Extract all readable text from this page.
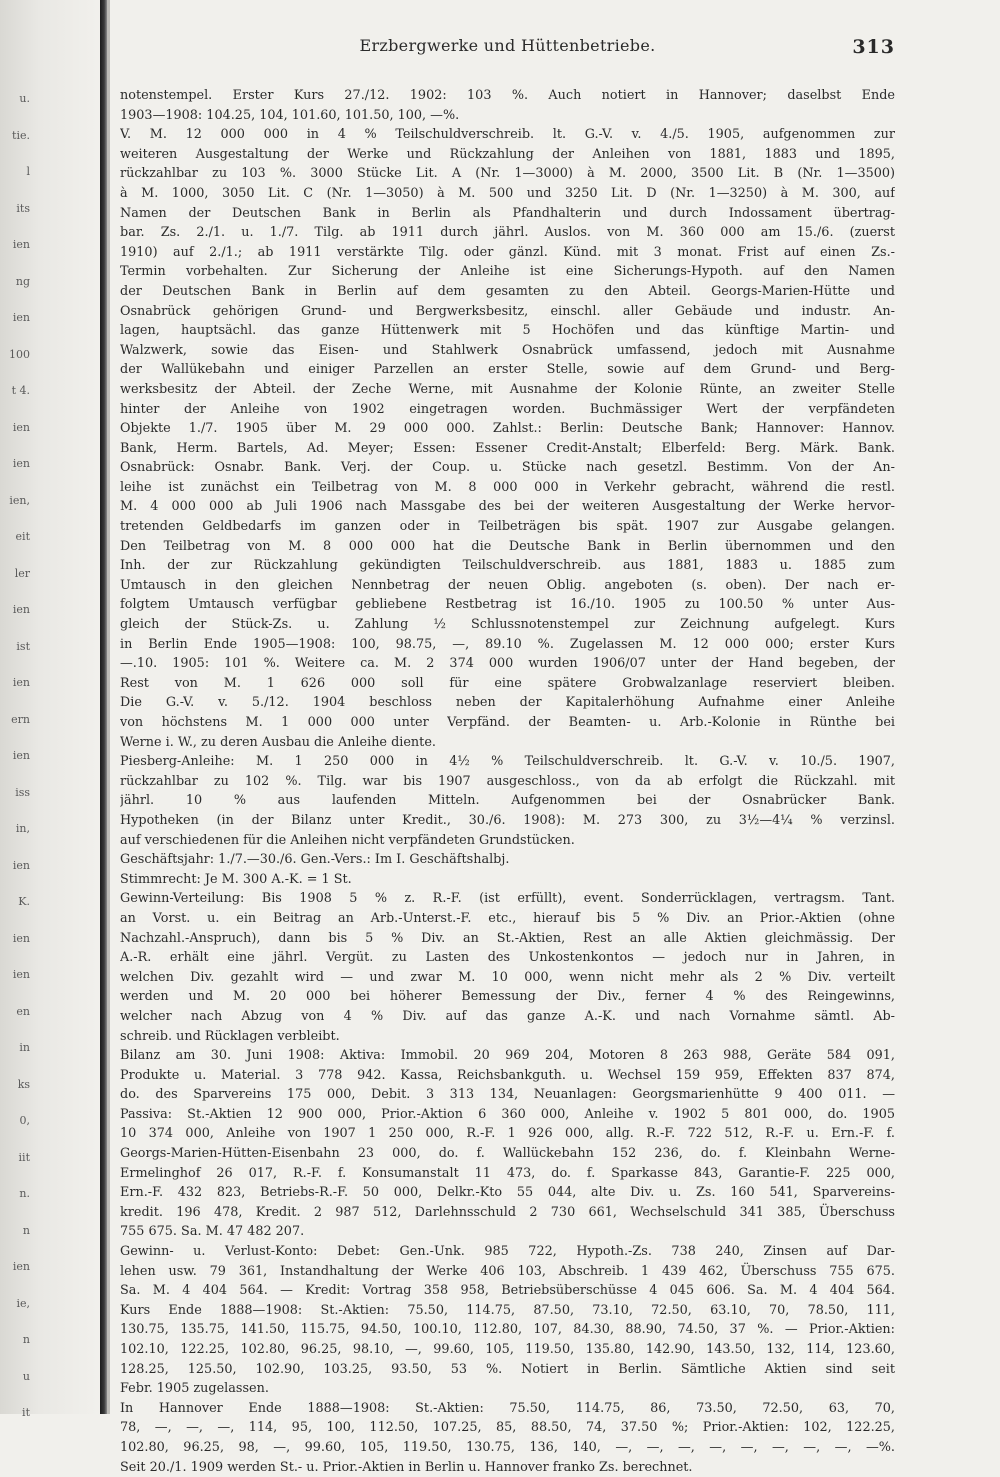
u.
tie.
l
its
ien
ng
ien
100
t 4.
ien
ien
ien,
eit
ler
ien
ist
ien
ern
ien
iss
in,
ien
K.
ien
ien
en
in
ks
0,
iit
n.
n
ien
ie,
n
u
it
Erzbergwerke und Hüttenbetriebe.	313
notenstempel. Erster Kurs 27./12. 1902: 103 %. Auch notiert in Hannover; daselbst Ende
1903—1908: 104.25, 104, 101.60, 101.50, 100, —%.
V. M. 12 000 000 in 4 % Teilschuldverschreib. lt. G.-V. v. 4./5. 1905, aufgenommen zur
weiteren Ausgestaltung der Werke und Rückzahlung der Anleihen von 1881, 1883 und 1895,
rückzahlbar zu 103 %. 3000 Stücke Lit. A (Nr. 1—3000) à M. 2000, 3500 Lit. B (Nr. 1—3500)
à M. 1000, 3050 Lit. C (Nr. 1—3050) à M. 500 und 3250 Lit. D (Nr. 1—3250) à M. 300, auf
Namen der Deutschen Bank in Berlin als Pfandhalterin und durch Indossament übertrag-
bar. Zs. 2./1. u. 1./7. Tilg. ab 1911 durch jährl. Auslos. von M. 360 000 am 15./6. (zuerst
1910) auf 2./1.; ab 1911 verstärkte Tilg. oder gänzl. Künd. mit 3 monat. Frist auf einen Zs.-
Termin vorbehalten. Zur Sicherung der Anleihe ist eine Sicherungs-Hypoth. auf den Namen
der Deutschen Bank in Berlin auf dem gesamten zu den Abteil. Georgs-Marien-Hütte und
Osnabrück gehörigen Grund- und Bergwerksbesitz, einschl. aller Gebäude und industr. An-
lagen, hauptsächl. das ganze Hüttenwerk mit 5 Hochöfen und das künftige Martin- und
Walzwerk, sowie das Eisen- und Stahlwerk Osnabrück umfassend, jedoch mit Ausnahme
der Wallükebahn und einiger Parzellen an erster Stelle, sowie auf dem Grund- und Berg-
werksbesitz der Abteil. der Zeche Werne, mit Ausnahme der Kolonie Rünte, an zweiter Stelle
hinter der Anleihe von 1902 eingetragen worden. Buchmässiger Wert der verpfändeten
Objekte 1./7. 1905 über M. 29 000 000. Zahlst.: Berlin: Deutsche Bank; Hannover: Hannov.
Bank, Herm. Bartels, Ad. Meyer; Essen: Essener Credit-Anstalt; Elberfeld: Berg. Märk. Bank.
Osnabrück: Osnabr. Bank. Verj. der Coup. u. Stücke nach gesetzl. Bestimm. Von der An-
leihe ist zunächst ein Teilbetrag von M. 8 000 000 in Verkehr gebracht, während die restl.
M. 4 000 000 ab Juli 1906 nach Massgabe des bei der weiteren Ausgestaltung der Werke hervor-
tretenden Geldbedarfs im ganzen oder in Teilbeträgen bis spät. 1907 zur Ausgabe gelangen.
Den Teilbetrag von M. 8 000 000 hat die Deutsche Bank in Berlin übernommen und den
Inh. der zur Rückzahlung gekündigten Teilschuldverschreib. aus 1881, 1883 u. 1885 zum
Umtausch in den gleichen Nennbetrag der neuen Oblig. angeboten (s. oben). Der nach er-
folgtem Umtausch verfügbar gebliebene Restbetrag ist 16./10. 1905 zu 100.50 % unter Aus-
gleich der Stück-Zs. u. Zahlung ½ Schlussnotenstempel zur Zeichnung aufgelegt. Kurs
in Berlin Ende 1905—1908: 100, 98.75, —, 89.10 %. Zugelassen M. 12 000 000; erster Kurs
—.10. 1905: 101 %. Weitere ca. M. 2 374 000 wurden 1906/07 unter der Hand begeben, der
Rest von M. 1 626 000 soll für eine spätere Grobwalzanlage reserviert bleiben.
Die G.-V. v. 5./12. 1904 beschloss neben der Kapitalerhöhung Aufnahme einer Anleihe
von höchstens M. 1 000 000 unter Verpfänd. der Beamten- u. Arb.-Kolonie in Rünthe bei
Werne i. W., zu deren Ausbau die Anleihe diente.
Piesberg-Anleihe: M. 1 250 000 in 4½ % Teilschuldverschreib. lt. G.-V. v. 10./5. 1907,
rückzahlbar zu 102 %. Tilg. war bis 1907 ausgeschloss., von da ab erfolgt die Rückzahl. mit
jährl. 10 % aus laufenden Mitteln. Aufgenommen bei der Osnabrücker Bank.
Hypotheken (in der Bilanz unter Kredit., 30./6. 1908): M. 273 300, zu 3½—4¼ % verzinsl.
auf verschiedenen für die Anleihen nicht verpfändeten Grundstücken.
Geschäftsjahr: 1./7.—30./6. Gen.-Vers.: Im I. Geschäftshalbj.
Stimmrecht: Je M. 300 A.-K. = 1 St.
Gewinn-Verteilung: Bis 1908 5 % z. R.-F. (ist erfüllt), event. Sonderrücklagen, vertragsm. Tant.
an Vorst. u. ein Beitrag an Arb.-Unterst.-F. etc., hierauf bis 5 % Div. an Prior.-Aktien (ohne
Nachzahl.-Anspruch), dann bis 5 % Div. an St.-Aktien, Rest an alle Aktien gleichmässig. Der
A.-R. erhält eine jährl. Vergüt. zu Lasten des Unkostenkontos — jedoch nur in Jahren, in
welchen Div. gezahlt wird — und zwar M. 10 000, wenn nicht mehr als 2 % Div. verteilt
werden und M. 20 000 bei höherer Bemessung der Div., ferner 4 % des Reingewinns,
welcher nach Abzug von 4 % Div. auf das ganze A.-K. und nach Vornahme sämtl. Ab-
schreib. und Rücklagen verbleibt.
Bilanz am 30. Juni 1908: Aktiva: Immobil. 20 969 204, Motoren 8 263 988, Geräte 584 091,
Produkte u. Material. 3 778 942. Kassa, Reichsbankguth. u. Wechsel 159 959, Effekten 837 874,
do. des Sparvereins 175 000, Debit. 3 313 134, Neuanlagen: Georgsmarienhütte 9 400 011. —
Passiva: St.-Aktien 12 900 000, Prior.-Aktion 6 360 000, Anleihe v. 1902 5 801 000, do. 1905
10 374 000, Anleihe von 1907 1 250 000, R.-F. 1 926 000, allg. R.-F. 722 512, R.-F. u. Ern.-F. f.
Georgs-Marien-Hütten-Eisenbahn 23 000, do. f. Wallückebahn 152 236, do. f. Kleinbahn Werne-
Ermelinghof 26 017, R.-F. f. Konsumanstalt 11 473, do. f. Sparkasse 843, Garantie-F. 225 000,
Ern.-F. 432 823, Betriebs-R.-F. 50 000, Delkr.-Kto 55 044, alte Div. u. Zs. 160 541, Sparvereins-
kredit. 196 478, Kredit. 2 987 512, Darlehnsschuld 2 730 661, Wechselschuld 341 385, Überschuss
755 675. Sa. M. 47 482 207.
Gewinn- u. Verlust-Konto: Debet: Gen.-Unk. 985 722, Hypoth.-Zs. 738 240, Zinsen auf Dar-
lehen usw. 79 361, Instandhaltung der Werke 406 103, Abschreib. 1 439 462, Überschuss 755 675.
Sa. M. 4 404 564. — Kredit: Vortrag 358 958, Betriebsüberschüsse 4 045 606. Sa. M. 4 404 564.
Kurs Ende 1888—1908: St.-Aktien: 75.50, 114.75, 87.50, 73.10, 72.50, 63.10, 70, 78.50, 111,
130.75, 135.75, 141.50, 115.75, 94.50, 100.10, 112.80, 107, 84.30, 88.90, 74.50, 37 %. — Prior.-Aktien:
102.10, 122.25, 102.80, 96.25, 98.10, —, 99.60, 105, 119.50, 135.80, 142.90, 143.50, 132, 114, 123.60,
128.25, 125.50, 102.90, 103.25, 93.50, 53 %. Notiert in Berlin. Sämtliche Aktien sind seit
Febr. 1905 zugelassen.
In Hannover Ende 1888—1908: St.-Aktien: 75.50, 114.75, 86, 73.50, 72.50, 63, 70,
78, —, —, —, 114, 95, 100, 112.50, 107.25, 85, 88.50, 74, 37.50 %; Prior.-Aktien: 102, 122.25,
102.80, 96.25, 98, —, 99.60, 105, 119.50, 130.75, 136, 140, —, —, —, —, —, —, —, —, —%.
Seit 20./1. 1909 werden St.- u. Prior.-Aktien in Berlin u. Hannover franko Zs. berechnet.
